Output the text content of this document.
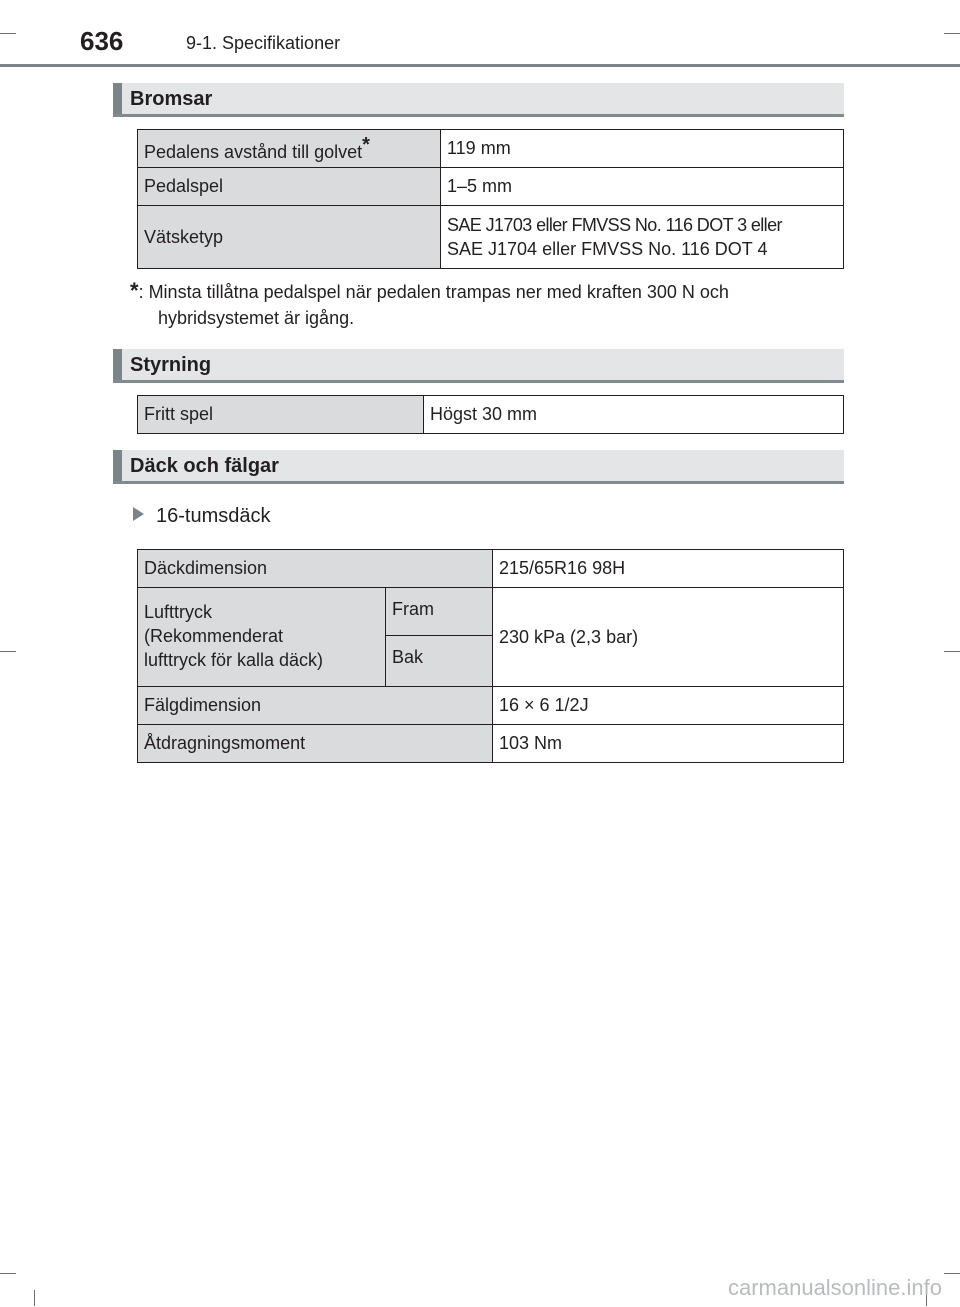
636	9-1. Specifikationer
Bromsar
Pedalens avstånd till golvet*	119 mm
Pedalspel	1–5 mm
Vätsketyp	SAE J1703 eller FMVSS No. 116 DOT 3 eller
SAE J1704 eller FMVSS No. 116 DOT 4
*: Minsta tillåtna pedalspel när pedalen trampas ner med kraften 300 N och
hybridsystemet är igång.
Styrning
Fritt spel	Högst 30 mm
Däck och fälgar
16-tumsdäck
Däckdimension		215/65R16 98H
Lufttryck
(Rekommenderat
lufttryck för kalla däck)	Fram	230 kPa (2,3 bar)
	Bak	
Fälgdimension		16 × 6 1/2J
Åtdragningsmoment		103 Nm
carmanualsonline.info
